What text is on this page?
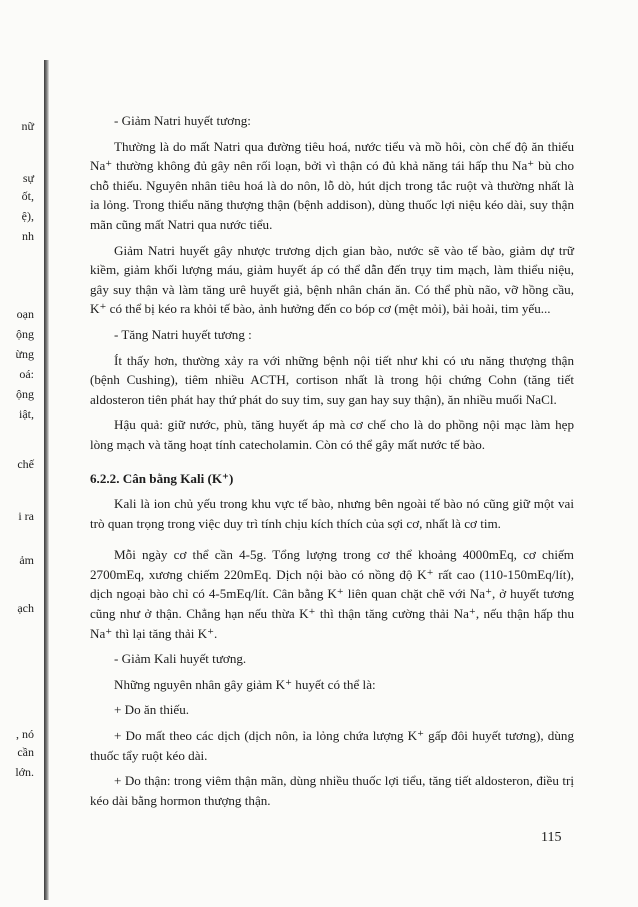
nữ
sự
ốt,
ệ),
nh
oạn
ộng
ừng
oá:
ộng
iật,
chế
i ra
ảm
ạch
, nó
cần
lớn.

- Giảm Natri huyết tương:

Thường là do mất Natri qua đường tiêu hoá, nước tiểu và mồ hôi, còn chế độ ăn thiếu Na⁺ thường không đủ gây nên rối loạn, bởi vì thận có đủ khả năng tái hấp thu Na⁺ bù cho chỗ thiếu. Nguyên nhân tiêu hoá là do nôn, lỗ dò, hút dịch trong tắc ruột và thường nhất là ỉa lỏng. Trong thiểu năng thượng thận (bệnh addison), dùng thuốc lợi niệu kéo dài, suy thận mãn cũng mất Natri qua nước tiểu.

Giảm Natri huyết gây nhược trương dịch gian bào, nước sẽ vào tế bào, giảm dự trữ kiềm, giảm khối lượng máu, giảm huyết áp có thể dẫn đến trụy tim mạch, làm thiểu niệu, gây suy thận và làm tăng urê huyết giả, bệnh nhân chán ăn. Có thể phù não, vỡ hồng cầu, K⁺ có thể bị kéo ra khỏi tế bào, ảnh hưởng đến co bóp cơ (mệt mỏi), bải hoải, tim yếu...

- Tăng Natri huyết tương :

Ít thấy hơn, thường xảy ra với những bệnh nội tiết như khi có ưu năng thượng thận (bệnh Cushing), tiêm nhiều ACTH, cortison nhất là trong hội chứng Cohn (tăng tiết aldosteron tiên phát hay thứ phát do suy tim, suy gan hay suy thận), ăn nhiều muối NaCl.

Hậu quả: giữ nước, phù, tăng huyết áp mà cơ chế cho là do phồng nội mạc làm hẹp lòng mạch và tăng hoạt tính catecholamin. Còn có thể gây mất nước tế bào.

6.2.2. Cân bằng Kali (K⁺)

Kali là ion chủ yếu trong khu vực tế bào, nhưng bên ngoài tế bào nó cũng giữ một vai trò quan trọng trong việc duy trì tính chịu kích thích của sợi cơ, nhất là cơ tim.

Mỗi ngày cơ thể cần 4-5g. Tổng lượng trong cơ thể khoảng 4000mEq, cơ chiếm 2700mEq, xương chiếm 220mEq. Dịch nội bào có nồng độ K⁺ rất cao (110-150mEq/lít), dịch ngoại bào chỉ có 4-5mEq/lít. Cân bằng K⁺ liên quan chặt chẽ với Na⁺, ở huyết tương cũng như ở thận. Chẳng hạn nếu thừa K⁺ thì thận tăng cường thải Na⁺, nếu thận hấp thu Na⁺ thì lại tăng thải K⁺.

- Giảm Kali huyết tương.

Những nguyên nhân gây giảm K⁺ huyết có thể là:

+ Do ăn thiếu.

+ Do mất theo các dịch (dịch nôn, ỉa lỏng chứa lượng K⁺ gấp đôi huyết tương), dùng thuốc tẩy ruột kéo dài.

+ Do thận: trong viêm thận mãn, dùng nhiều thuốc lợi tiểu, tăng tiết aldosteron, điều trị kéo dài bằng hormon thượng thận.

115
